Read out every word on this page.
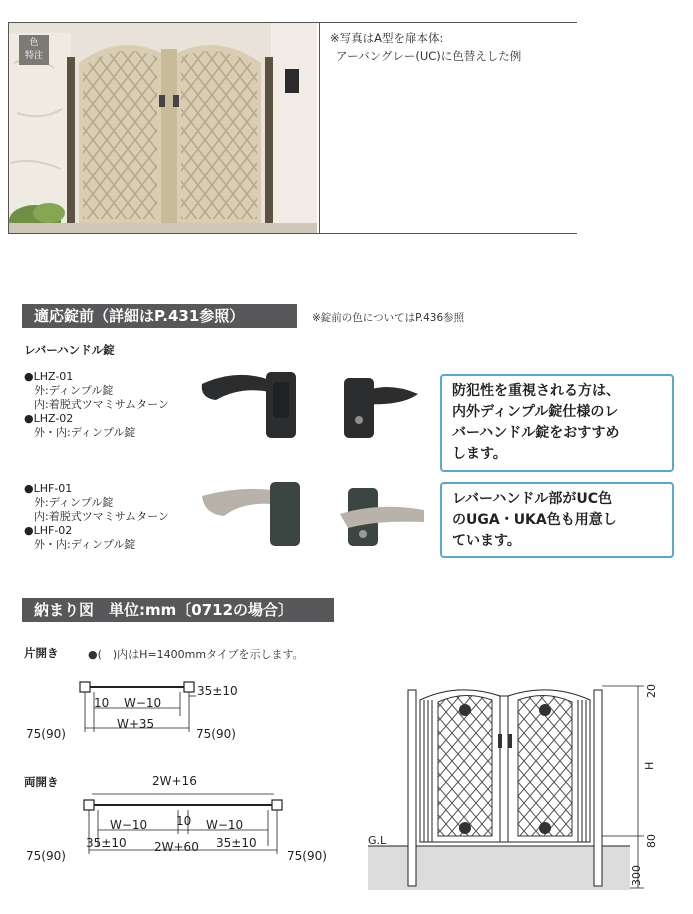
色
特注
※写真はA型を扉本体:
アーバングレー(UC)に色替えした例
適応錠前（詳細はP.431参照）	※錠前の色についてはP.436参照
レバーハンドル錠
●LHZ-01
外:ディンプル錠
内:着脱式ツマミサムターン
●LHZ-02
外・内:ディンプル錠
●LHF-01
外:ディンプル錠
内:着脱式ツマミサムターン
●LHF-02
外・内:ディンプル錠
防犯性を重視される方は、
内外ディンプル錠仕様のレ
バーハンドル錠をおすすめ
します。
レバーハンドル部がUC色
のUGA・UKA色も用意し
ています。
納まり図　単位:mm〔0712の場合〕
片開き	●(　)内はH=1400mmタイプを示します。
10 W−10
35±10
W+35
75(90)	75(90)
両開き	2W+16
W−10 10 W−10
35±10 2W+60 35±10
75(90)	75(90)
G.L
20
H
80
300
